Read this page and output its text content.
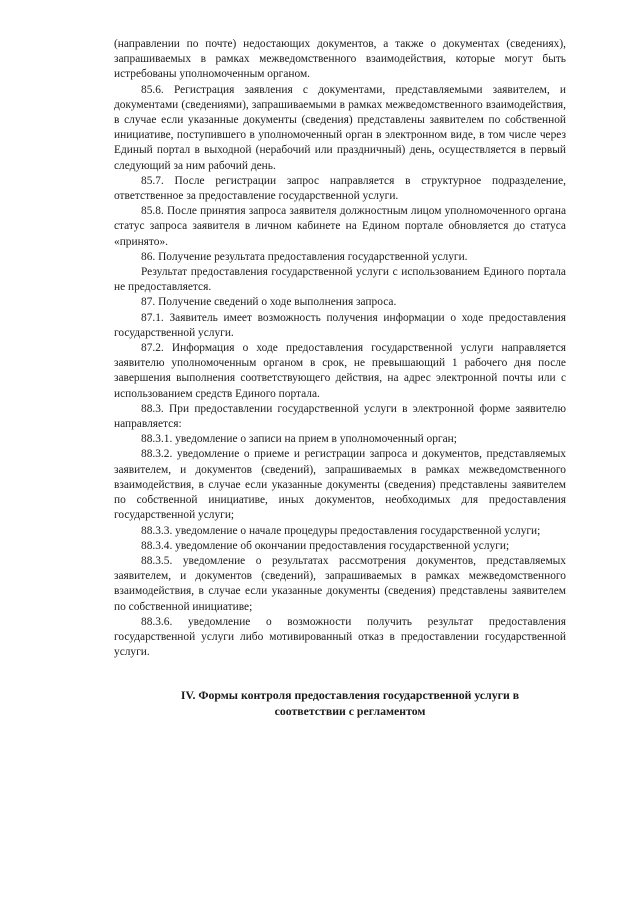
(направлении по почте) недостающих документов, а также о документах (сведениях), запрашиваемых в рамках межведомственного взаимодействия, которые могут быть истребованы уполномоченным органом.

85.6. Регистрация заявления с документами, представляемыми заявителем, и документами (сведениями), запрашиваемыми в рамках межведомственного взаимодействия, в случае если указанные документы (сведения) представлены заявителем по собственной инициативе, поступившего в уполномоченный орган в электронном виде, в том числе через Единый портал в выходной (нерабочий или праздничный) день, осуществляется в первый следующий за ним рабочий день.

85.7. После регистрации запрос направляется в структурное подразделение, ответственное за предоставление государственной услуги.

85.8. После принятия запроса заявителя должностным лицом уполномоченного органа статус запроса заявителя в личном кабинете на Едином портале обновляется до статуса «принято».

86. Получение результата предоставления государственной услуги.

Результат предоставления государственной услуги с использованием Единого портала не предоставляется.

87. Получение сведений о ходе выполнения запроса.

87.1. Заявитель имеет возможность получения информации о ходе предоставления государственной услуги.

87.2. Информация о ходе предоставления государственной услуги направляется заявителю уполномоченным органом в срок, не превышающий 1 рабочего дня после завершения выполнения соответствующего действия, на адрес электронной почты или с использованием средств Единого портала.

88.3. При предоставлении государственной услуги в электронной форме заявителю направляется:

88.3.1. уведомление о записи на прием в уполномоченный орган;

88.3.2. уведомление о приеме и регистрации запроса и документов, представляемых заявителем, и документов (сведений), запрашиваемых в рамках межведомственного взаимодействия, в случае если указанные документы (сведения) представлены заявителем по собственной инициативе, иных документов, необходимых для предоставления государственной услуги;

88.3.3. уведомление о начале процедуры предоставления государственной услуги;

88.3.4. уведомление об окончании предоставления государственной услуги;

88.3.5. уведомление о результатах рассмотрения документов, представляемых заявителем, и документов (сведений), запрашиваемых в рамках межведомственного взаимодействия, в случае если указанные документы (сведения) представлены заявителем по собственной инициативе;

88.3.6. уведомление о возможности получить результат предоставления государственной услуги либо мотивированный отказ в предоставлении государственной услуги.

IV. Формы контроля предоставления государственной услуги в
соответствии с регламентом
